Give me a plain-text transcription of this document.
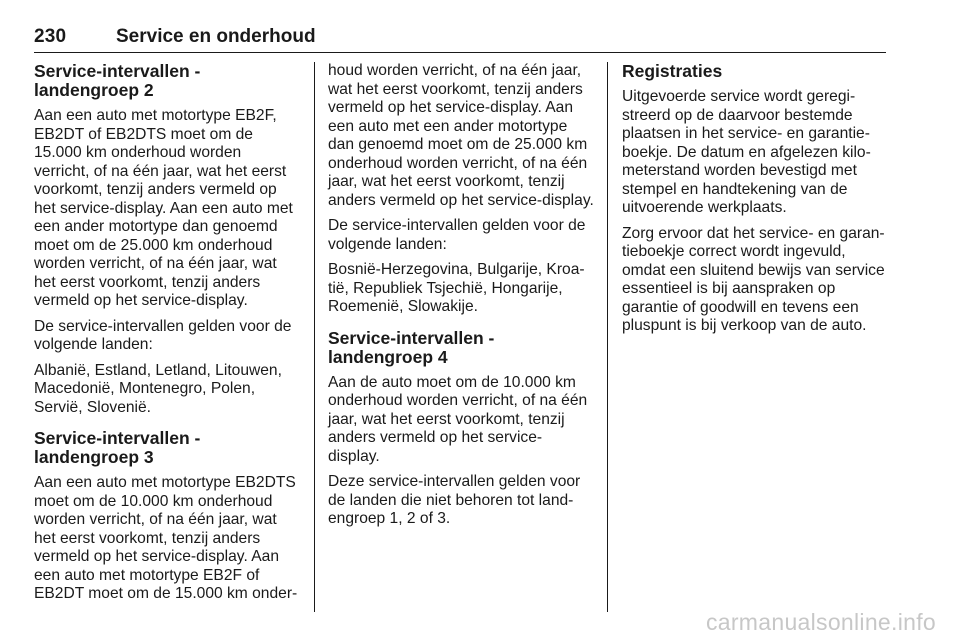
230	Service en onderhoud
Service-intervallen - landengroep 2

Aan een auto met motortype EB2F, EB2DT of EB2DTS moet om de 15.000 km onderhoud worden verricht, of na één jaar, wat het eerst voorkomt, tenzij anders vermeld op het service-display. Aan een auto met een ander motortype dan genoemd moet om de 25.000 km onderhoud worden verricht, of na één jaar, wat het eerst voorkomt, tenzij anders vermeld op het service-display.

De service-intervallen gelden voor de volgende landen:

Albanië, Estland, Letland, Litouwen, Macedonië, Montenegro, Polen, Servië, Slovenië.

Service-intervallen - landengroep 3

Aan een auto met motortype EB2DTS moet om de 10.000 km onderhoud worden verricht, of na één jaar, wat het eerst voorkomt, tenzij anders vermeld op het service-display. Aan een auto met motortype EB2F of EB2DT moet om de 15.000 km onder‐

houd worden verricht, of na één jaar, wat het eerst voorkomt, tenzij anders vermeld op het service-display. Aan een auto met een ander motortype dan genoemd moet om de 25.000 km onderhoud worden verricht, of na één jaar, wat het eerst voorkomt, tenzij anders vermeld op het service-display.

De service-intervallen gelden voor de volgende landen:

Bosnië-Herzegovina, Bulgarije, Kroa‐ tië, Republiek Tsjechië, Hongarije, Roemenië, Slowakije.

Service-intervallen - landengroep 4

Aan de auto moet om de 10.000 km onderhoud worden verricht, of na één jaar, wat het eerst voorkomt, tenzij anders vermeld op het service- display.

Deze service-intervallen gelden voor de landen die niet behoren tot land‐ engroep 1, 2 of 3.

Registraties

Uitgevoerde service wordt geregi‐ streerd op de daarvoor bestemde plaatsen in het service- en garantie‐ boekje. De datum en afgelezen kilo‐ meterstand worden bevestigd met stempel en handtekening van de uitvoerende werkplaats.

Zorg ervoor dat het service- en garan‐ tieboekje correct wordt ingevuld, omdat een sluitend bewijs van service essentieel is bij aanspraken op garantie of goodwill en tevens een pluspunt is bij verkoop van de auto.

carmanualsonline.info
